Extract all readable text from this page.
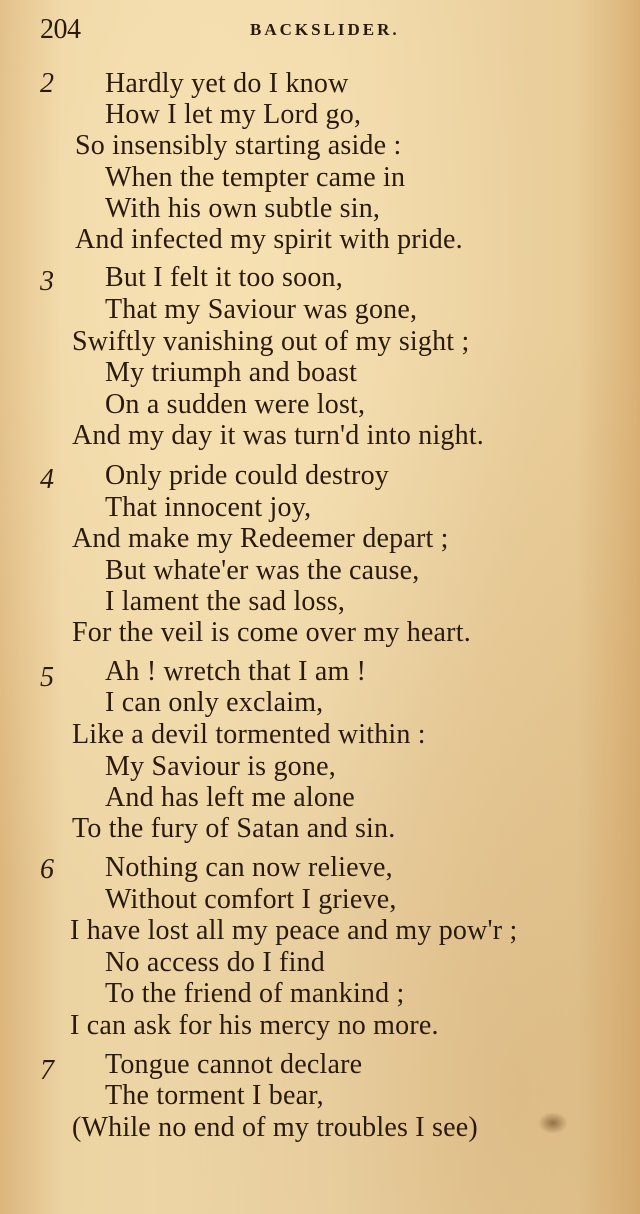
204	BACKSLIDER.
2 Hardly yet do I know
How I let my Lord go,
So insensibly starting aside :
When the tempter came in
With his own subtle sin,
And infected my spirit with pride.
3 But I felt it too soon,
That my Saviour was gone,
Swiftly vanishing out of my sight ;
My triumph and boast
On a sudden were lost,
And my day it was turn'd into night.
4 Only pride could destroy
That innocent joy,
And make my Redeemer depart ;
But whate'er was the cause,
I lament the sad loss,
For the veil is come over my heart.
5 Ah ! wretch that I am !
I can only exclaim,
Like a devil tormented within :
My Saviour is gone,
And has left me alone
To the fury of Satan and sin.
6 Nothing can now relieve,
Without comfort I grieve,
I have lost all my peace and my pow'r ;
No access do I find
To the friend of mankind ;
I can ask for his mercy no more.
7 Tongue cannot declare
The torment I bear,
(While no end of my troubles I see)
